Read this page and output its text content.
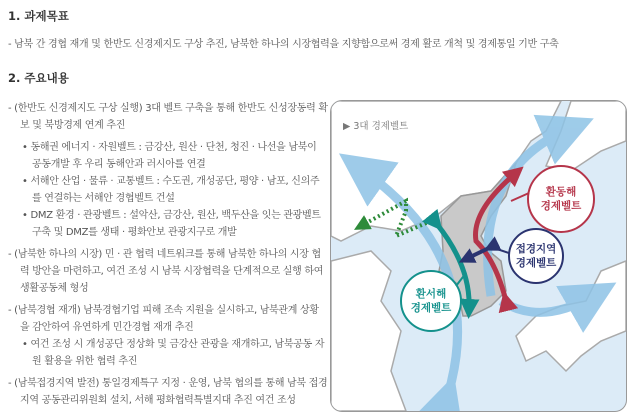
1. 과제목표
- 남북 간 경협 재개 및 한반도 신경제지도 구상 추진, 남북한 하나의 시장협력을 지향함으로써 경제 활로 개척 및 경제통일 기반 구축
2. 주요내용
- (한반도 신경제지도 구상 실행) 3대 벨트 구축을 통해 한반도 신성장동력 확보 및 북방경제 연계 추진
• 동해권 에너지 · 자원벨트 : 금강산, 원산 · 단천, 청진 · 나선을 남북이 공동개발 후 우리 동해안과 러시아를 연결
• 서해안 산업 · 물류 · 교통벨트 : 수도권, 개성공단, 평양 · 남포, 신의주를 연결하는 서해안 경협벨트 건설
• DMZ 환경 · 관광벨트 : 설악산, 금강산, 원산, 백두산을 잇는 관광벨트 구축 및 DMZ를 생태 · 평화안보 관광지구로 개발
- (남북한 하나의 시장) 민 · 관 협력 네트워크를 통해 남북한 하나의 시장 협력 방안을 마련하고, 여건 조성 시 남북 시장협력을 단계적으로 실행 하여 생활공동체 형성
- (남북경협 재개) 남북경협기업 피해 조속 지원을 실시하고, 남북관계 상황을 감안하여 유연하게 민간경협 재개 추진
• 여건 조성 시 개성공단 정상화 및 금강산 관광을 재개하고, 남북공동 자원 활용을 위한 협력 추진
- (남북접경지역 발전) 통일경제특구 지정 · 운영, 남북 협의를 통해 남북 접경지역 공동관리위원회 설치, 서해 평화협력특별지대 추진 여건 조성
▶ 3대 경제벨트
환동해
경제벨트
접경지역
경제벨트
환서해
경제벨트
